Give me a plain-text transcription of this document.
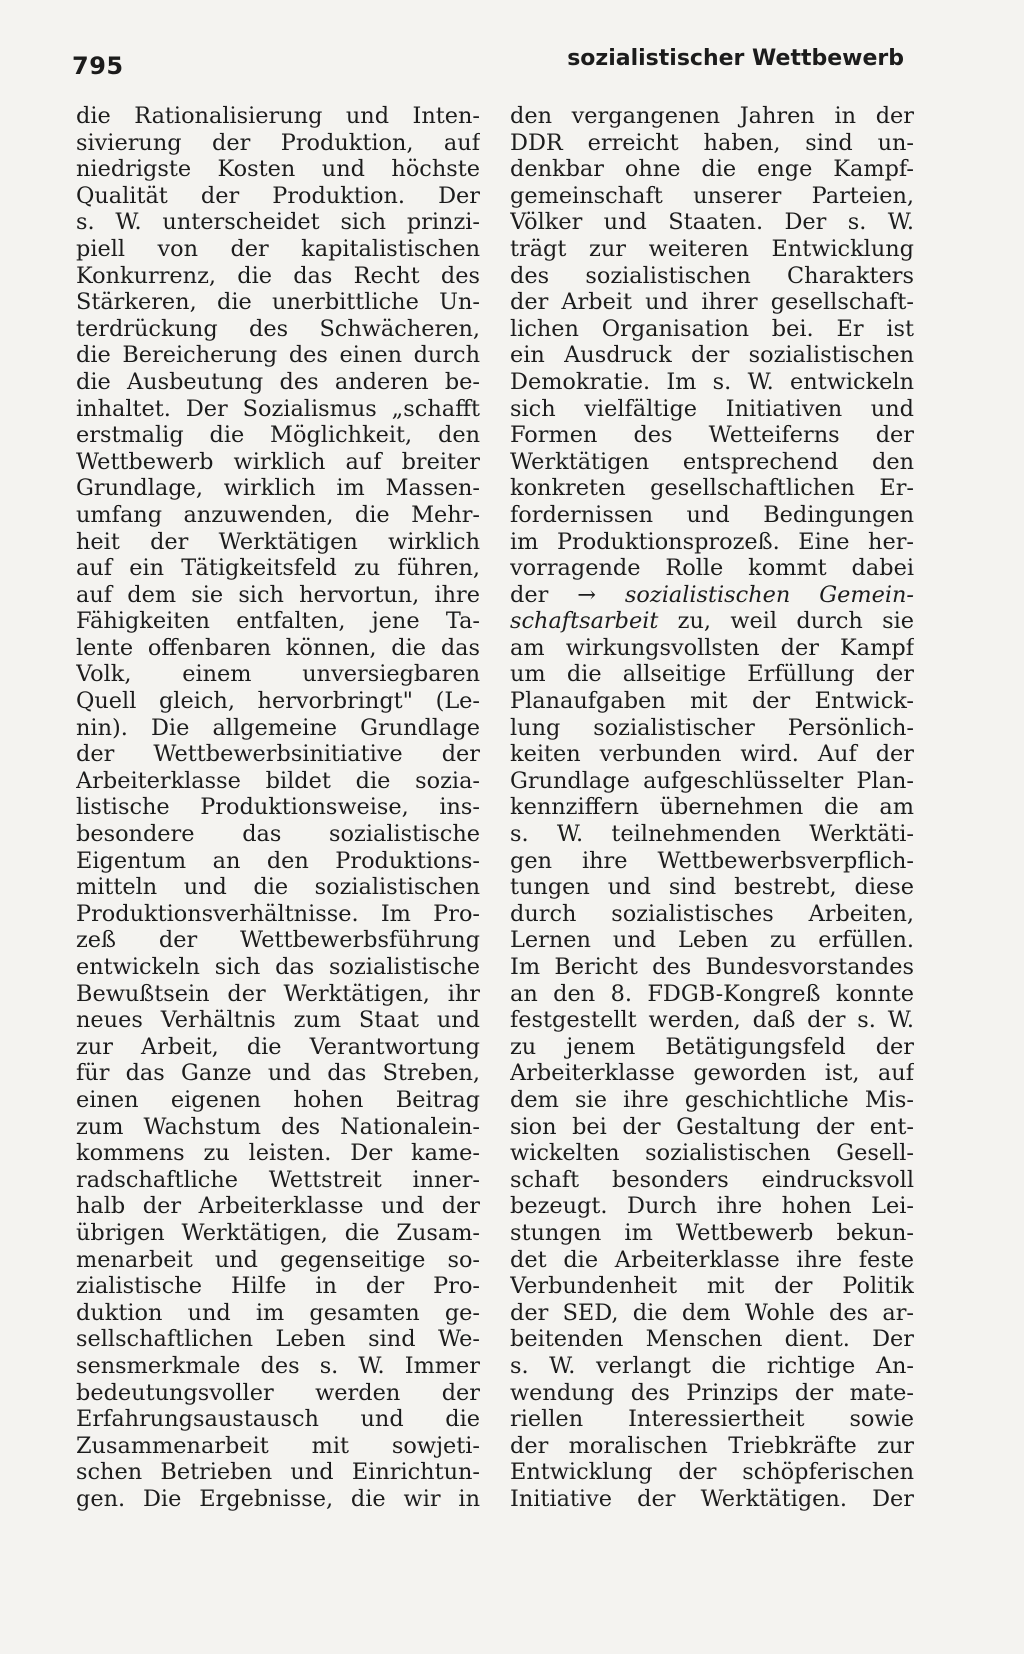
795	sozialistischer Wettbewerb
die Rationalisierung und Inten-
sivierung der Produktion, auf
niedrigste Kosten und höchste
Qualität der Produktion. Der
s. W. unterscheidet sich prinzi-
piell von der kapitalistischen
Konkurrenz, die das Recht des
Stärkeren, die unerbittliche Un-
terdrückung des Schwächeren,
die Bereicherung des einen durch
die Ausbeutung des anderen be-
inhaltet. Der Sozialismus „schafft
erstmalig die Möglichkeit, den
Wettbewerb wirklich auf breiter
Grundlage, wirklich im Massen-
umfang anzuwenden, die Mehr-
heit der Werktätigen wirklich
auf ein Tätigkeitsfeld zu führen,
auf dem sie sich hervortun, ihre
Fähigkeiten entfalten, jene Ta-
lente offenbaren können, die das
Volk, einem unversiegbaren
Quell gleich, hervorbringt" (Le-
nin). Die allgemeine Grundlage
der Wettbewerbsinitiative der
Arbeiterklasse bildet die sozia-
listische Produktionsweise, ins-
besondere das sozialistische
Eigentum an den Produktions-
mitteln und die sozialistischen
Produktionsverhältnisse. Im Pro-
zeß der Wettbewerbsführung
entwickeln sich das sozialistische
Bewußtsein der Werktätigen, ihr
neues Verhältnis zum Staat und
zur Arbeit, die Verantwortung
für das Ganze und das Streben,
einen eigenen hohen Beitrag
zum Wachstum des Nationalein-
kommens zu leisten. Der kame-
radschaftliche Wettstreit inner-
halb der Arbeiterklasse und der
übrigen Werktätigen, die Zusam-
menarbeit und gegenseitige so-
zialistische Hilfe in der Pro-
duktion und im gesamten ge-
sellschaftlichen Leben sind We-
sensmerkmale des s. W. Immer
bedeutungsvoller werden der
Erfahrungsaustausch und die
Zusammenarbeit mit sowjeti-
schen Betrieben und Einrichtun-
gen. Die Ergebnisse, die wir in
den vergangenen Jahren in der
DDR erreicht haben, sind un-
denkbar ohne die enge Kampf-
gemeinschaft unserer Parteien,
Völker und Staaten. Der s. W.
trägt zur weiteren Entwicklung
des sozialistischen Charakters
der Arbeit und ihrer gesellschaft-
lichen Organisation bei. Er ist
ein Ausdruck der sozialistischen
Demokratie. Im s. W. entwickeln
sich vielfältige Initiativen und
Formen des Wetteiferns der
Werktätigen entsprechend den
konkreten gesellschaftlichen Er-
fordernissen und Bedingungen
im Produktionsprozeß. Eine her-
vorragende Rolle kommt dabei
der → sozialistischen Gemein-
schaftsarbeit zu, weil durch sie
am wirkungsvollsten der Kampf
um die allseitige Erfüllung der
Planaufgaben mit der Entwick-
lung sozialistischer Persönlich-
keiten verbunden wird. Auf der
Grundlage aufgeschlüsselter Plan-
kennziffern übernehmen die am
s. W. teilnehmenden Werktäti-
gen ihre Wettbewerbsverpflich-
tungen und sind bestrebt, diese
durch sozialistisches Arbeiten,
Lernen und Leben zu erfüllen.
Im Bericht des Bundesvorstandes
an den 8. FDGB-Kongreß konnte
festgestellt werden, daß der s. W.
zu jenem Betätigungsfeld der
Arbeiterklasse geworden ist, auf
dem sie ihre geschichtliche Mis-
sion bei der Gestaltung der ent-
wickelten sozialistischen Gesell-
schaft besonders eindrucksvoll
bezeugt. Durch ihre hohen Lei-
stungen im Wettbewerb bekun-
det die Arbeiterklasse ihre feste
Verbundenheit mit der Politik
der SED, die dem Wohle des ar-
beitenden Menschen dient. Der
s. W. verlangt die richtige An-
wendung des Prinzips der mate-
riellen Interessiertheit sowie
der moralischen Triebkräfte zur
Entwicklung der schöpferischen
Initiative der Werktätigen. Der
